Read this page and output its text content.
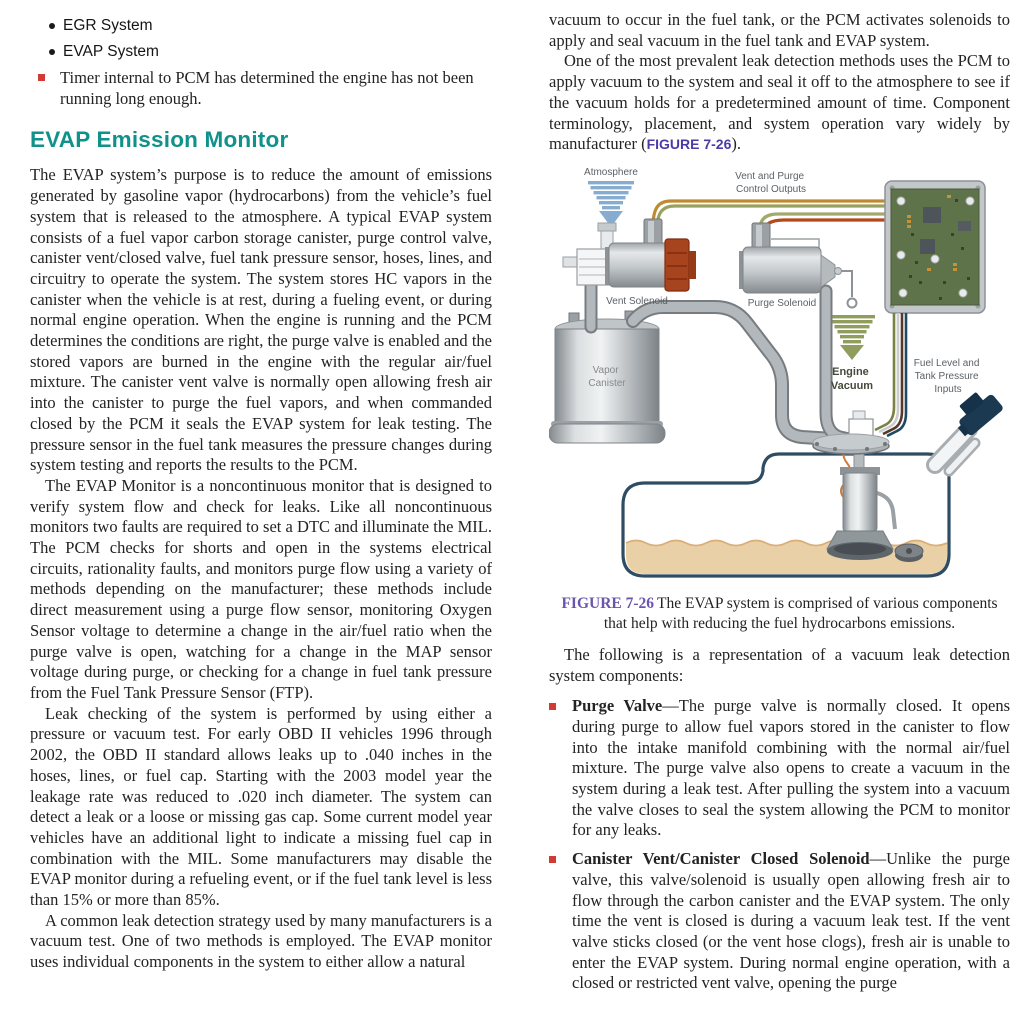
EGR System
EVAP System
Timer internal to PCM has determined the engine has not been running long enough.
EVAP Emission Monitor

The EVAP system’s purpose is to reduce the amount of emissions generated by gasoline vapor (hydrocarbons) from the vehicle’s fuel system that is released to the atmosphere. A typical EVAP system consists of a fuel vapor carbon storage canister, purge control valve, canister vent/closed valve, fuel tank pressure sensor, hoses, lines, and circuitry to operate the system. The system stores HC vapors in the canister when the vehicle is at rest, during a fueling event, or during normal engine operation. When the engine is running and the PCM determines the conditions are right, the purge valve is enabled and the stored vapors are burned in the engine with the regular air/fuel mixture. The canister vent valve is normally open allowing fresh air into the canister to purge the fuel vapors, and when commanded closed by the PCM it seals the EVAP system for leak testing. The pressure sensor in the fuel tank measures the pressure changes during system testing and reports the results to the PCM.

The EVAP Monitor is a noncontinuous monitor that is designed to verify system flow and check for leaks. Like all noncontinuous monitors two faults are required to set a DTC and illuminate the MIL. The PCM checks for shorts and open in the systems electrical circuits, rationality faults, and monitors purge flow using a variety of methods depending on the manufacturer; these methods include direct measurement using a purge flow sensor, monitoring Oxygen Sensor voltage to determine a change in the air/fuel ratio when the purge valve is open, watching for a change in the MAP sensor voltage during purge, or checking for a change in fuel tank pressure from the Fuel Tank Pressure Sensor (FTP).

Leak checking of the system is performed by using either a pressure or vacuum test. For early OBD II vehicles 1996 through 2002, the OBD II standard allows leaks up to .040 inches in the hoses, lines, or fuel cap. Starting with the 2003 model year the leakage rate was reduced to .020 inch diameter. The system can detect a leak or a loose or missing gas cap. Some current model year vehicles have an additional light to indicate a missing fuel cap in combination with the MIL. Some manufacturers may disable the EVAP monitor during a refueling event, or if the fuel tank level is less than 15% or more than 85%.

A common leak detection strategy used by many manufacturers is a vacuum test. One of two methods is employed. The EVAP monitor uses individual components in the system to either allow a natural

vacuum to occur in the fuel tank, or the PCM activates solenoids to apply and seal vacuum in the fuel tank and EVAP system.

One of the most prevalent leak detection methods uses the PCM to apply vacuum to the system and seal it off to the atmosphere to see if the vacuum holds for a predetermined amount of time. Component terminology, placement, and system operation vary widely by manufacturer (FIGURE 7-26).

Atmosphere	Vent and Purge Control Outputs
Vent Solenoid	Purge Solenoid
Vapor Canister
Engine Vacuum
Fuel Level and Tank Pressure Inputs
FIGURE 7-26 The EVAP system is comprised of various components that help with reducing the fuel hydrocarbons emissions.

The following is a representation of a vacuum leak detection system components:

Purge Valve—The purge valve is normally closed. It opens during purge to allow fuel vapors stored in the canister to flow into the intake manifold combining with the normal air/fuel mixture. The purge valve also opens to create a vacuum in the system during a leak test. After pulling the system into a vacuum the valve closes to seal the system allowing the PCM to monitor for any leaks.
Canister Vent/Canister Closed Solenoid—Unlike the purge valve, this valve/solenoid is usually open allowing fresh air to flow through the carbon canister and the EVAP system. The only time the vent is closed is during a vacuum leak test. If the vent valve sticks closed (or the vent hose clogs), fresh air is unable to enter the EVAP system. During normal engine operation, with a closed or restricted vent valve, opening the purge
